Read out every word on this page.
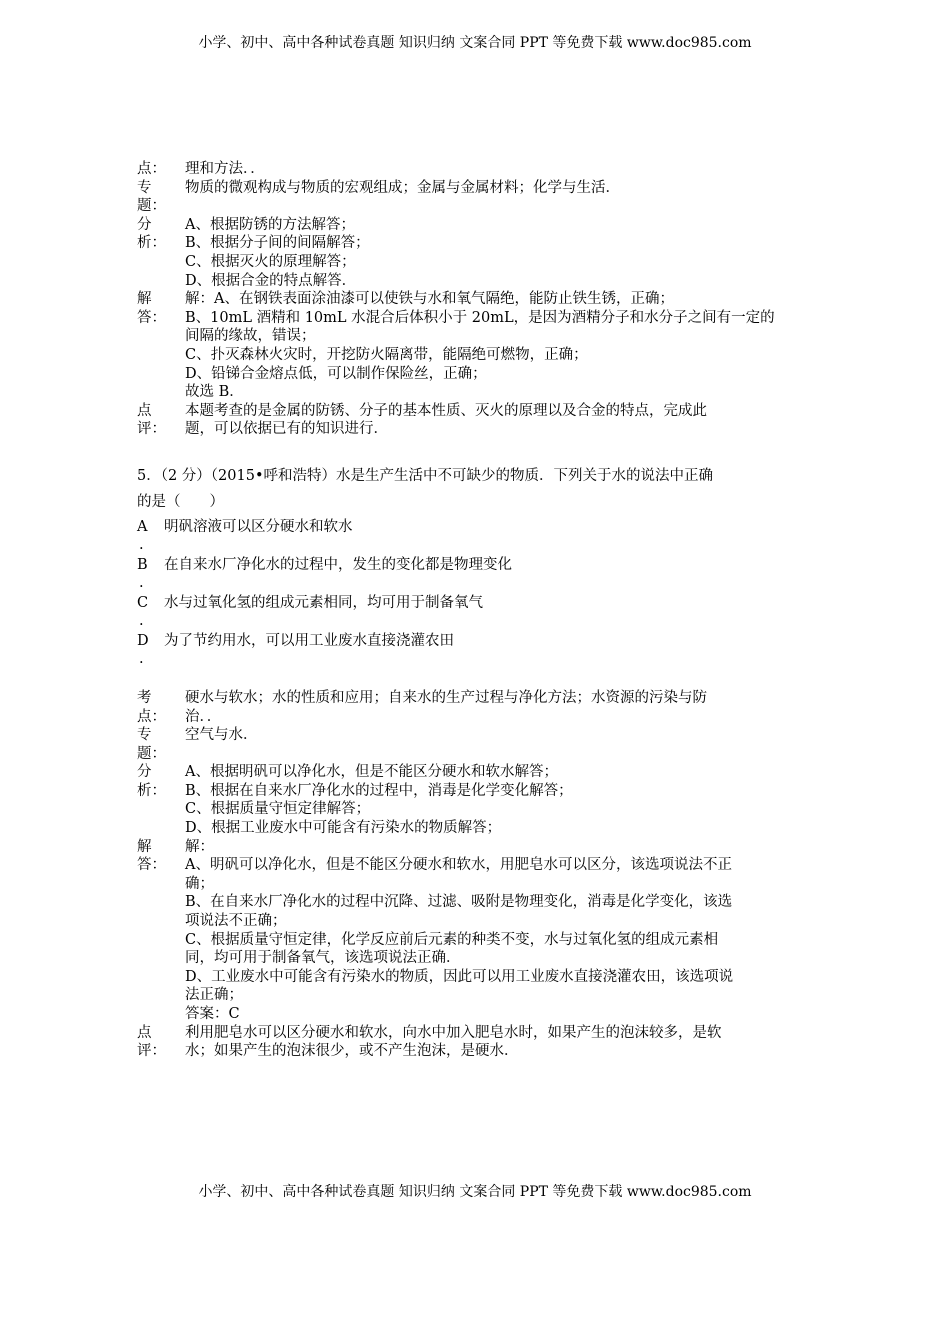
小学、初中、高中各种试卷真题 知识归纳 文案合同 PPT 等免费下载 www.doc985.com
点： 理和方法．．

专
题：

物质的微观构成与物质的宏观组成；金属与金属材料；化学与生活．

分
析：

A、根据防锈的方法解答；

B、根据分子间的间隔解答；

C、根据灭火的原理解答；

D、根据合金的特点解答．

解
答：

解：A、在钢铁表面涂油漆可以使铁与水和氧气隔绝，能防止铁生锈，正确；

B、10mL 酒精和 10mL 水混合后体积小于 20mL，是因为酒精分子和水分子之间有一定的

间隔的缘故，错误；

C、扑灭森林火灾时，开挖防火隔离带，能隔绝可燃物，正确；

D、铅锑合金熔点低，可以制作保险丝，正确；

故选 B．

点
评：

本题考查的是金属的防锈、分子的基本性质、灭火的原理以及合金的特点，完成此

题，可以依据已有的知识进行．

5．（2 分）（2015•呼和浩特）水是生产生活中不可缺少的物质．下列关于水的说法中正确

的是（　　）

A
.
明矾溶液可以区分硬水和软水
B
.
在自来水厂净化水的过程中，发生的变化都是物理变化
C
.
水与过氧化氢的组成元素相同，均可用于制备氧气
D
.
为了节约用水，可以用工业废水直接浇灌农田
考
点：

硬水与软水；水的性质和应用；自来水的生产过程与净化方法；水资源的污染与防

治．．

专
题：

空气与水．

分
析：

A、根据明矾可以净化水，但是不能区分硬水和软水解答；

B、根据在自来水厂净化水的过程中，消毒是化学变化解答；

C、根据质量守恒定律解答；

D、根据工业废水中可能含有污染水的物质解答；

解
答：

解：

A、明矾可以净化水，但是不能区分硬水和软水，用肥皂水可以区分，该选项说法不正

确；

B、在自来水厂净化水的过程中沉降、过滤、吸附是物理变化，消毒是化学变化，该选

项说法不正确；

C、根据质量守恒定律，化学反应前后元素的种类不变，水与过氧化氢的组成元素相

同，均可用于制备氧气，该选项说法正确．

D、工业废水中可能含有污染水的物质，因此可以用工业废水直接浇灌农田，该选项说

法正确；

答案：C

点
评：

利用肥皂水可以区分硬水和软水，向水中加入肥皂水时，如果产生的泡沫较多，是软

水；如果产生的泡沫很少，或不产生泡沫，是硬水．

小学、初中、高中各种试卷真题 知识归纳 文案合同 PPT 等免费下载 www.doc985.com
